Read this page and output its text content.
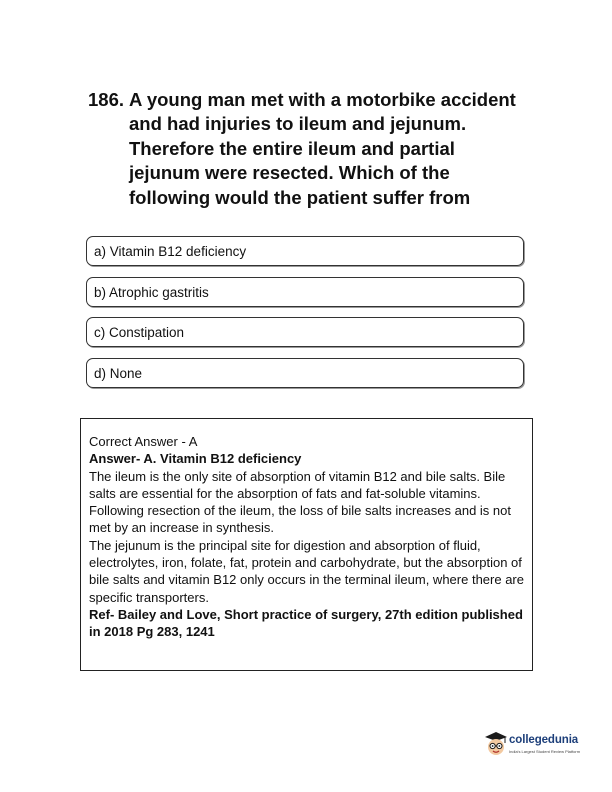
186. A young man met with a motorbike accident and had injuries to ileum and jejunum. Therefore the entire ileum and partial jejunum were resected. Which of the following would the patient suffer from
a) Vitamin B12 deficiency
b) Atrophic gastritis
c) Constipation
d) None

Correct Answer - A

Answer- A. Vitamin B12 deficiency

The ileum is the only site of absorption of vitamin B12 and bile salts. Bile salts are essential for the absorption of fats and fat-soluble vitamins.

Following resection of the ileum, the loss of bile salts increases and is not met by an increase in synthesis.

The jejunum is the principal site for digestion and absorption of fluid, electrolytes, iron, folate, fat, protein and carbohydrate, but the absorption of bile salts and vitamin B12 only occurs in the terminal ileum, where there are specific transporters.

Ref- Bailey and Love, Short practice of surgery, 27th edition published in 2018 Pg 283, 1241

collegedunia
India's Largest Student Review Platform
